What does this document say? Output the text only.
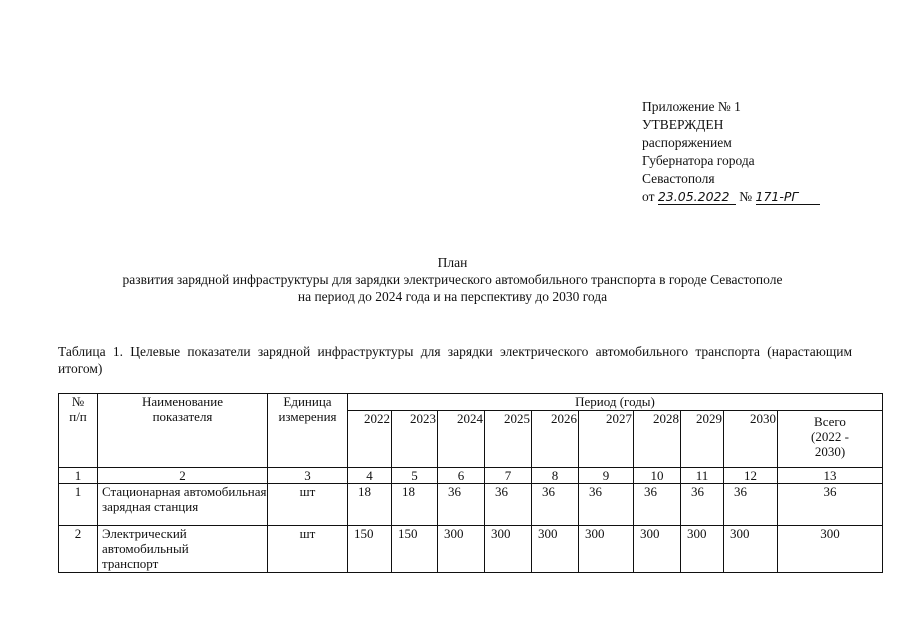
Приложение № 1
УТВЕРЖДЕН
распоряжением
Губернатора города
Севастополя
от 23.05.2022 № 171-РГ
План
развития зарядной инфраструктуры для зарядки электрического автомобильного транспорта в городе Севастополе
на период до 2024 года и на перспективу до 2030 года
Таблица 1. Целевые показатели зарядной инфраструктуры для зарядки электрического автомобильного транспорта (нарастающим итогом)
№ п/п	Наименование показателя	Единица измерения	Период (годы)									
			2022	2023	2024	2025	2026	2027	2028	2029	2030	Всего (2022 - 2030)
1	2	3	4	5	6	7	8	9	10	11	12	13
1	Стационарная автомобильная зарядная станция	шт	18	18	36	36	36	36	36	36	36	36
2	Электрический автомобильный транспорт	шт	150	150	300	300	300	300	300	300	300	300
